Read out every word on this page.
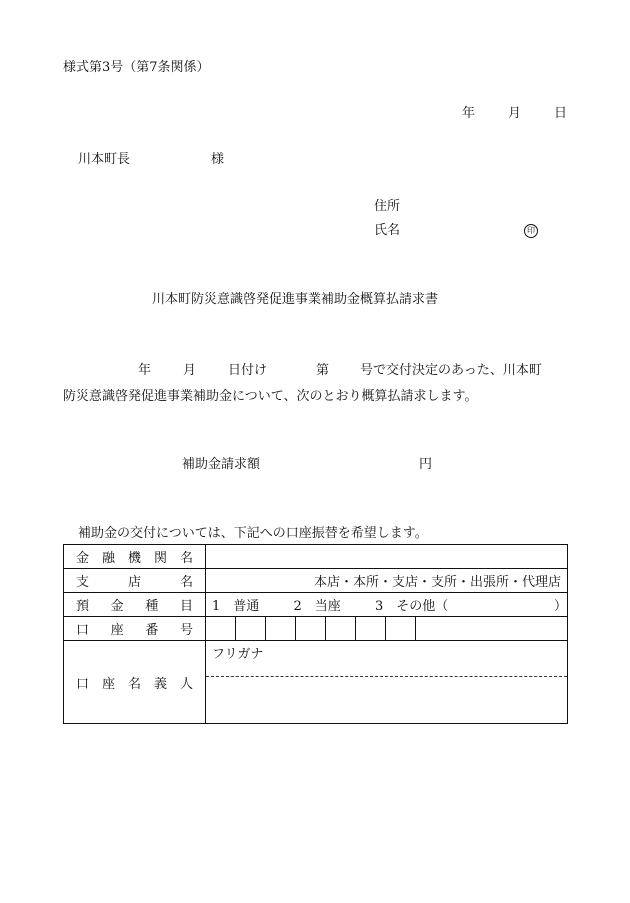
様式第3号（第7条関係）
年	月	日
川本町長	様
住所
氏名	印
川本町防災意識啓発促進事業補助金概算払請求書
年 月 日付け	第 号で交付決定のあった、川本町
防災意識啓発促進事業補助金について、次のとおり概算払請求します。
補助金請求額	円
補助金の交付については、下記への口座振替を希望します。
金融機関名	
支店名	本店・本所・支店・支所・出張所・代理店
預金種目	1　普通 2　当座 3　その他（ ）

口座番号	

口座名義人	フリガナ
